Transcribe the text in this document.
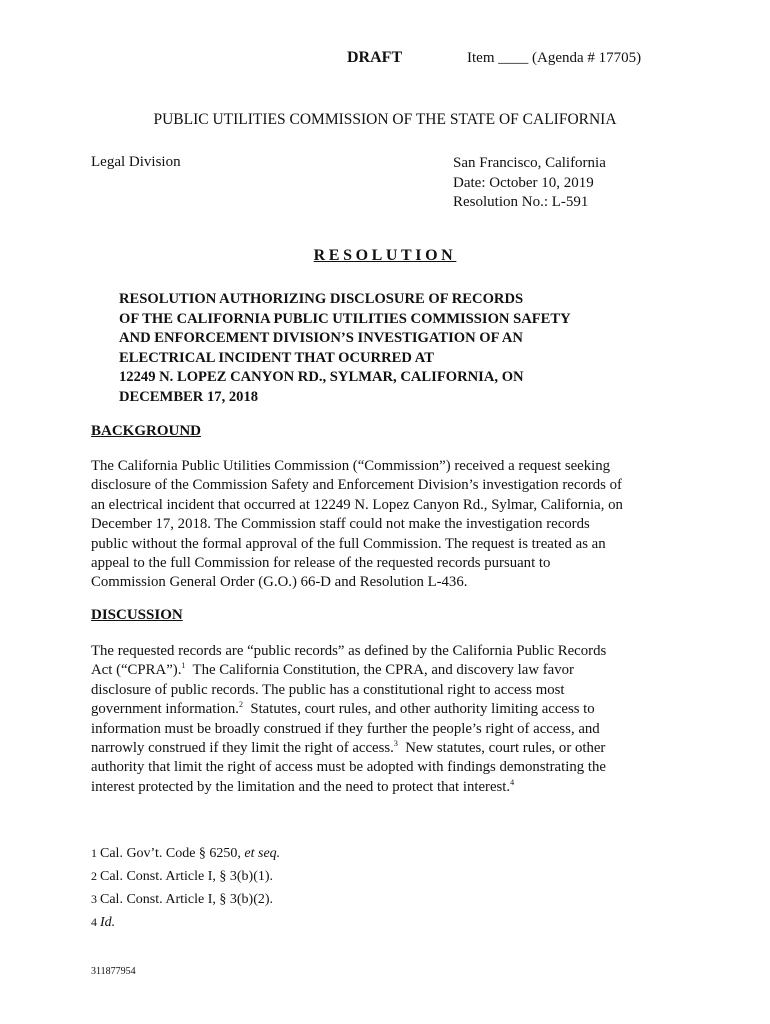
DRAFT	Item ____ (Agenda # 17705)
PUBLIC UTILITIES COMMISSION OF THE STATE OF CALIFORNIA
Legal Division	San Francisco, California
Date: October 10, 2019
Resolution No.: L-591
RESOLUTION
RESOLUTION AUTHORIZING DISCLOSURE OF RECORDS
OF THE CALIFORNIA PUBLIC UTILITIES COMMISSION SAFETY
AND ENFORCEMENT DIVISION’S INVESTIGATION OF AN
ELECTRICAL INCIDENT THAT OCURRED AT
12249 N. LOPEZ CANYON RD., SYLMAR, CALIFORNIA, ON
DECEMBER 17, 2018
BACKGROUND
The California Public Utilities Commission (“Commission”) received a request seeking
disclosure of the Commission Safety and Enforcement Division’s investigation records of
an electrical incident that occurred at 12249 N. Lopez Canyon Rd., Sylmar, California, on
December 17, 2018. The Commission staff could not make the investigation records
public without the formal approval of the full Commission. The request is treated as an
appeal to the full Commission for release of the requested records pursuant to
Commission General Order (G.O.) 66-D and Resolution L-436.
DISCUSSION
The requested records are “public records” as defined by the California Public Records
Act (“CPRA”).$^1$  The California Constitution, the CPRA, and discovery law favor
disclosure of public records. The public has a constitutional right to access most
government information.$^2$  Statutes, court rules, and other authority limiting access to
information must be broadly construed if they further the people’s right of access, and
narrowly construed if they limit the right of access.$^3$  New statutes, court rules, or other
authority that limit the right of access must be adopted with findings demonstrating the
interest protected by the limitation and the need to protect that interest.$^4$
1 Cal. Gov’t. Code § 6250, et seq.
2 Cal. Const. Article I, § 3(b)(1).
3 Cal. Const. Article I, § 3(b)(2).
4 Id.
311877954
